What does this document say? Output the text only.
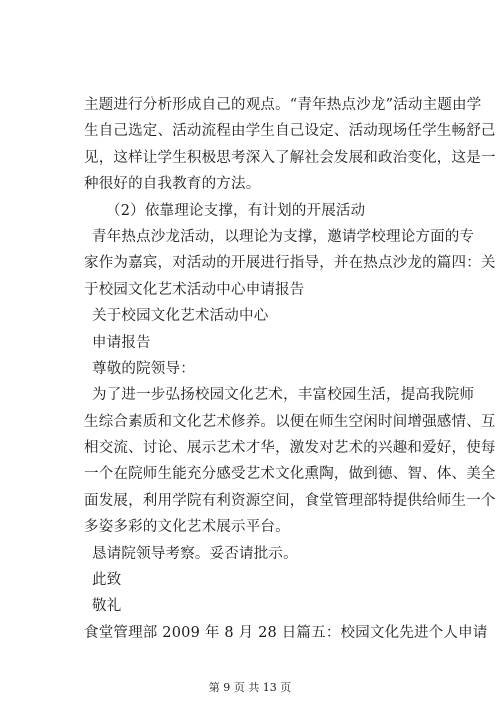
主题进行分析形成自己的观点。“青年热点沙龙”活动主题由学
生自己选定、活动流程由学生自己设定、活动现场任学生畅舒己
见，这样让学生积极思考深入了解社会发展和政治变化，这是一
种很好的自我教育的方法。
（2）依靠理论支撑，有计划的开展活动
青年热点沙龙活动，以理论为支撑，邀请学校理论方面的专
家作为嘉宾，对活动的开展进行指导，并在热点沙龙的篇四：关
于校园文化艺术活动中心申请报告
关于校园文化艺术活动中心
申请报告
尊敬的院领导：
为了进一步弘扬校园文化艺术，丰富校园生活，提高我院师
生综合素质和文化艺术修养。以便在师生空闲时间增强感情、互
相交流、讨论、展示艺术才华，激发对艺术的兴趣和爱好，使每
一个在院师生能充分感受艺术文化熏陶，做到德、智、体、美全
面发展，利用学院有利资源空间，食堂管理部特提供给师生一个
多姿多彩的文化艺术展示平台。
恳请院领导考察。妥否请批示。
此致
敬礼
食堂管理部 2009 年 8 月 28 日篇五：校园文化先进个人申请
第 9 页 共 13 页
